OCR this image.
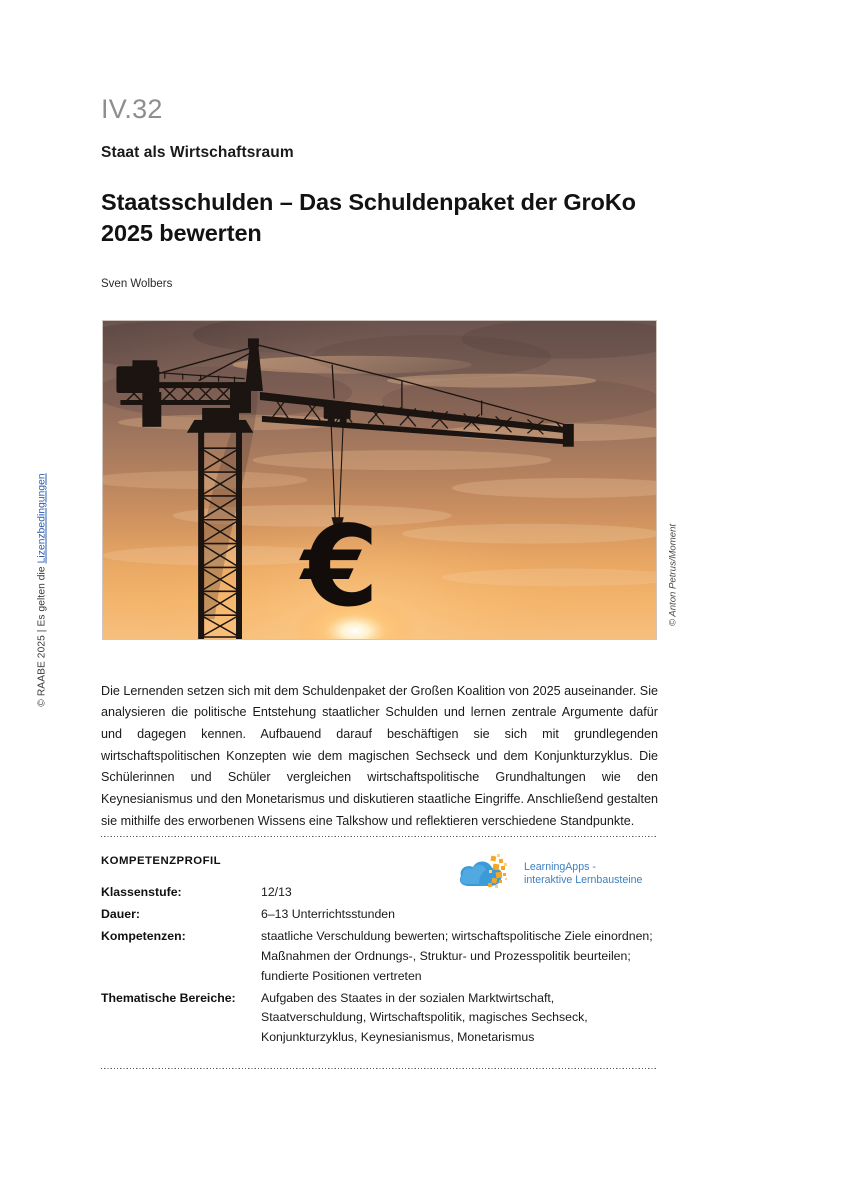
© RAABE 2025 | Es gelten die Lizenzbedingungen
© Anton Petrus/Moment
IV.32
Staat als Wirtschaftsraum
Staatsschulden – Das Schuldenpaket der GroKo 2025 bewerten
Sven Wolbers
€

Die Lernenden setzen sich mit dem Schuldenpaket der Großen Koalition von 2025 auseinander. Sie analysieren die politische Entstehung staatlicher Schulden und lernen zentrale Argumente dafür und dagegen kennen. Aufbauend darauf beschäftigen sie sich mit grundlegenden wirtschaftspolitischen Konzepten wie dem magischen Sechseck und dem Konjunkturzyklus. Die Schülerinnen und Schüler vergleichen wirtschaftspolitische Grundhaltungen wie den Keynesianismus und den Monetarismus und diskutieren staatliche Eingriffe. Anschließend gestalten sie mithilfe des erworbenen Wissens eine Talkshow und reflektieren verschiedene Standpunkte.

KOMPETENZPROFIL
Klassenstufe:	12/13
Dauer:	6–13 Unterrichtsstunden
Kompetenzen:	staatliche Verschuldung bewerten; wirtschaftspolitische Ziele einordnen; Maßnahmen der Ordnungs-, Struktur- und Prozesspolitik beurteilen; fundierte Positionen vertreten
Thematische Bereiche:	Aufgaben des Staates in der sozialen Marktwirtschaft, Staatverschuldung, Wirtschaftspolitik, magisches Sechseck, Konjunkturzyklus, Keynesianismus, Monetarismus
LearningApps -
interaktive Lernbausteine
